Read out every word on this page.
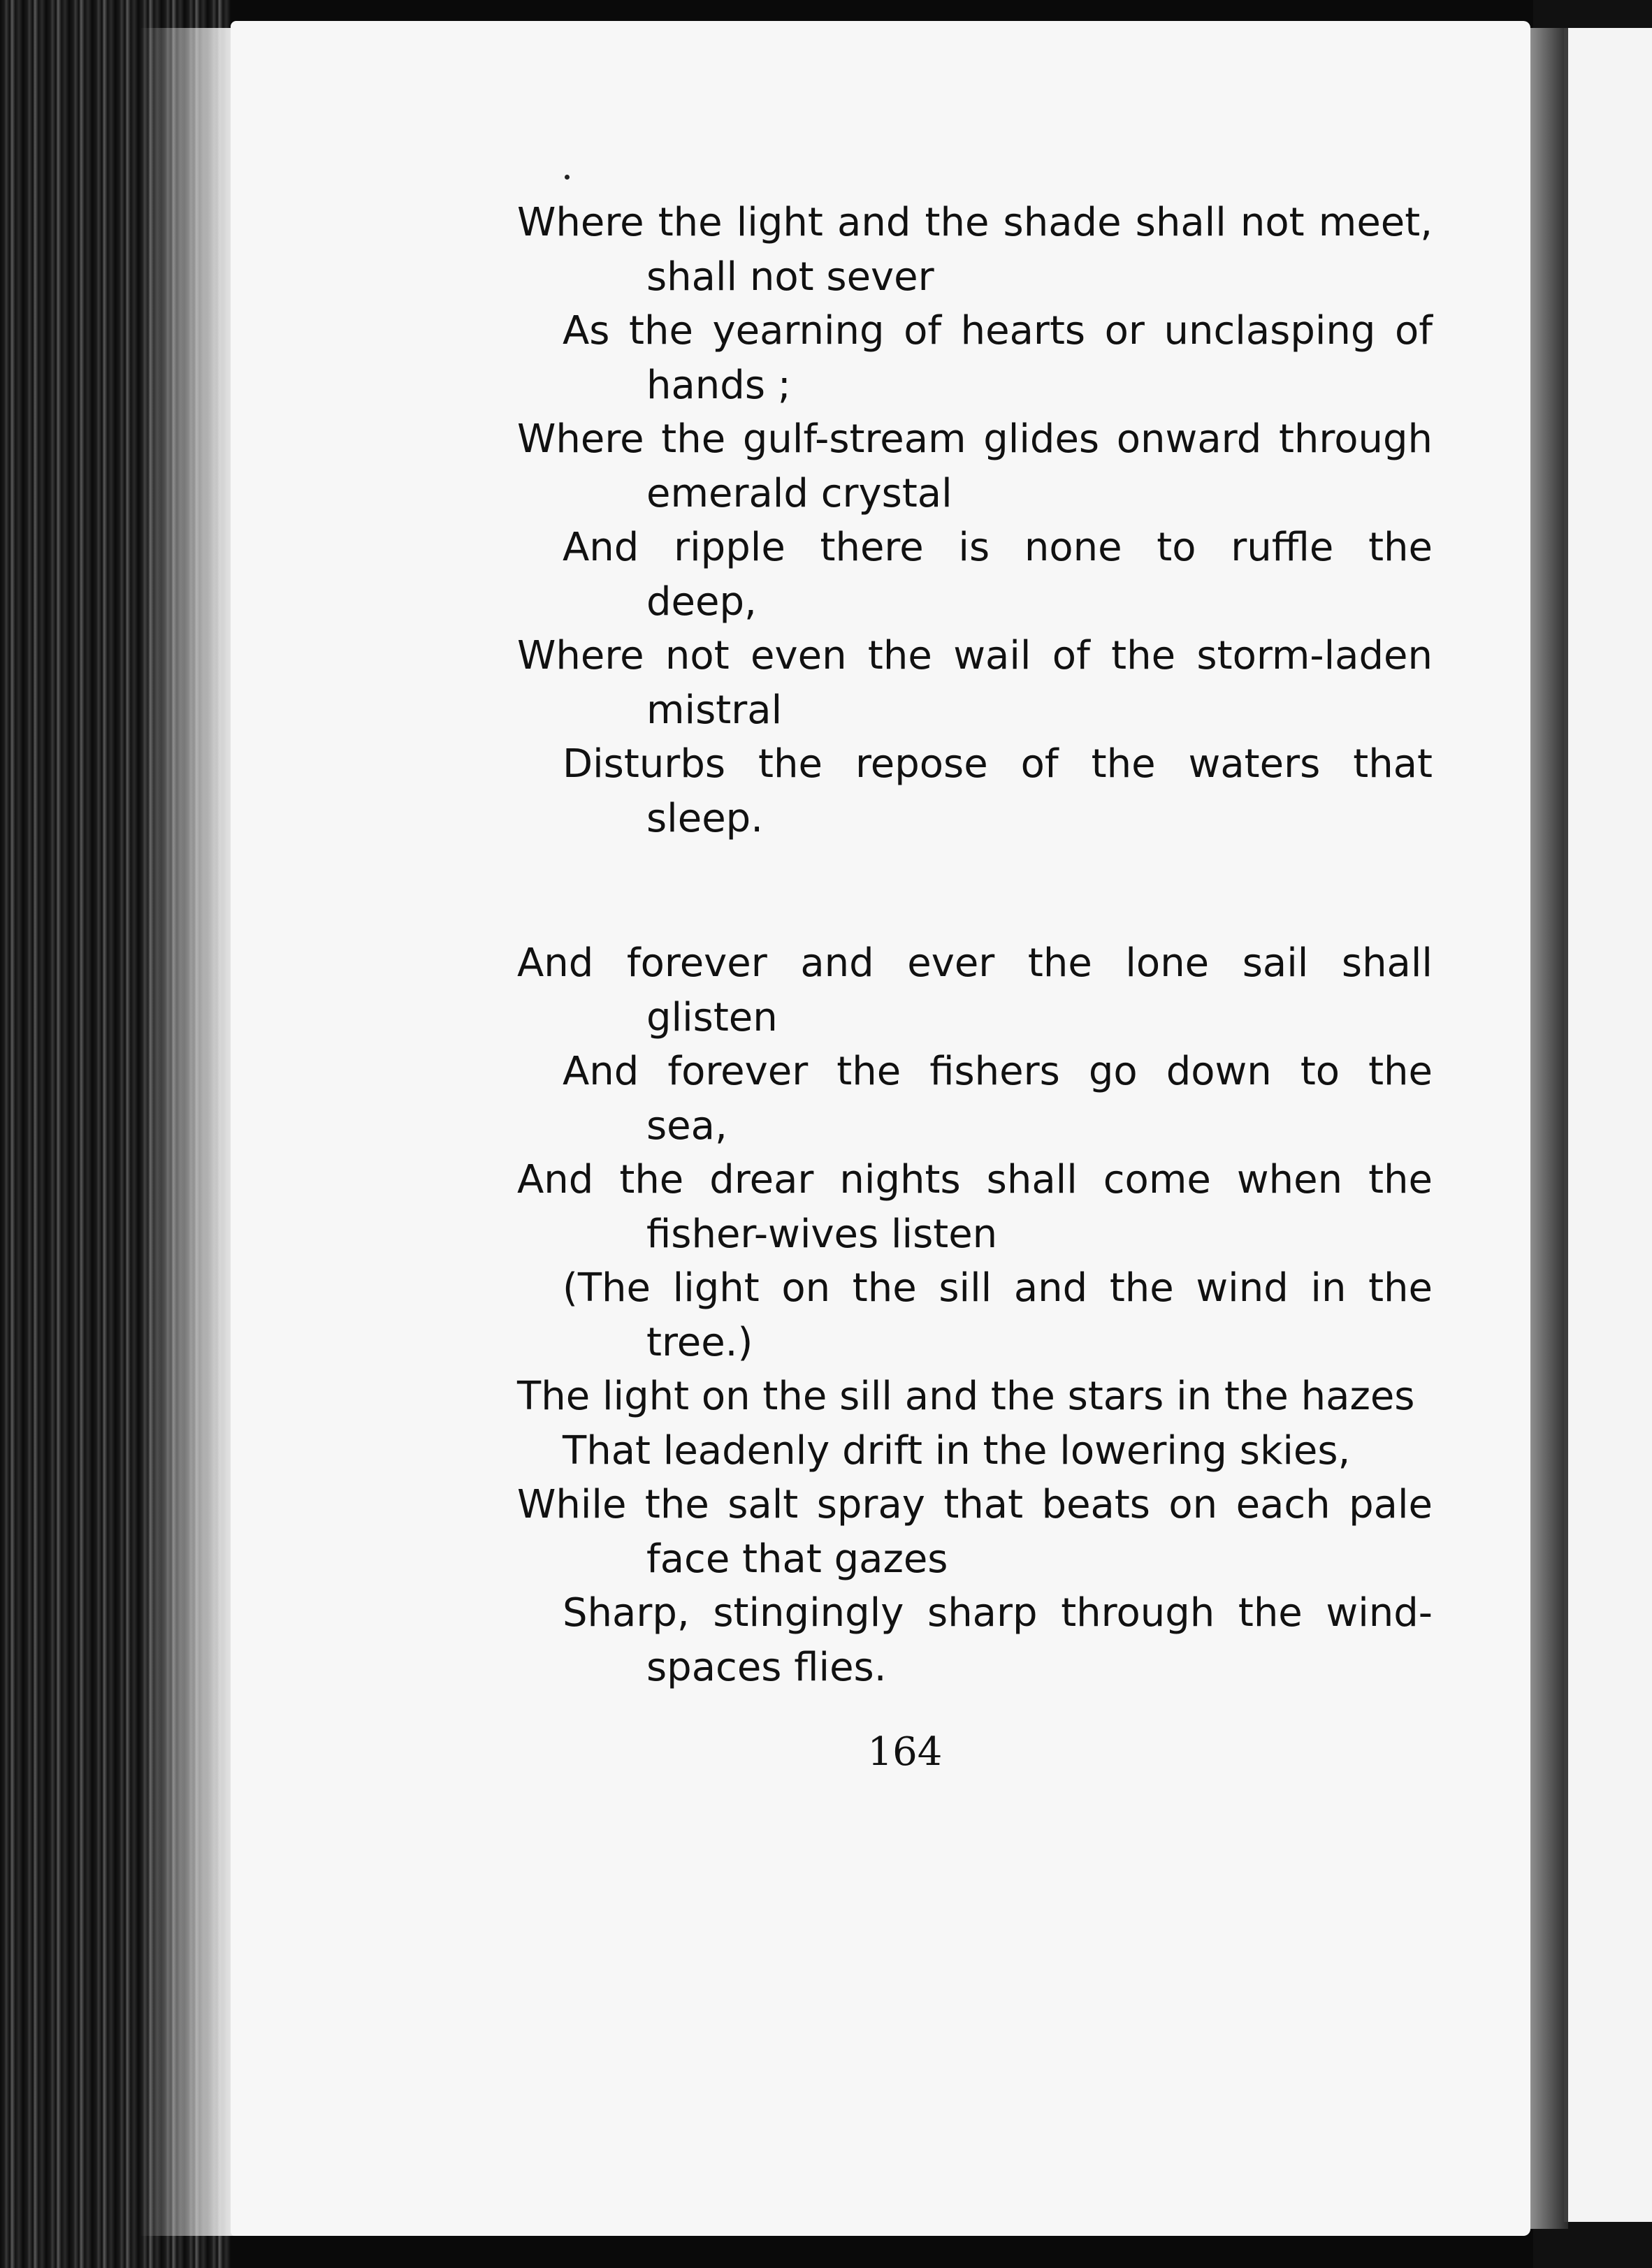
Where the light and the shade shall not meet,
shall not sever
As the yearning of hearts or unclasping of
hands ;
Where the gulf-stream glides onward through
emerald crystal
And ripple there is none to ruffle the
deep,
Where not even the wail of the storm-laden
mistral
Disturbs the repose of the waters that
sleep.
And forever and ever the lone sail shall
glisten
And forever the fishers go down to the
sea,
And the drear nights shall come when the
fisher-wives listen
(The light on the sill and the wind in the
tree.)
The light on the sill and the stars in the hazes
That leadenly drift in the lowering skies,
While the salt spray that beats on each pale
face that gazes
Sharp, stingingly sharp through the wind-
spaces flies.
164
